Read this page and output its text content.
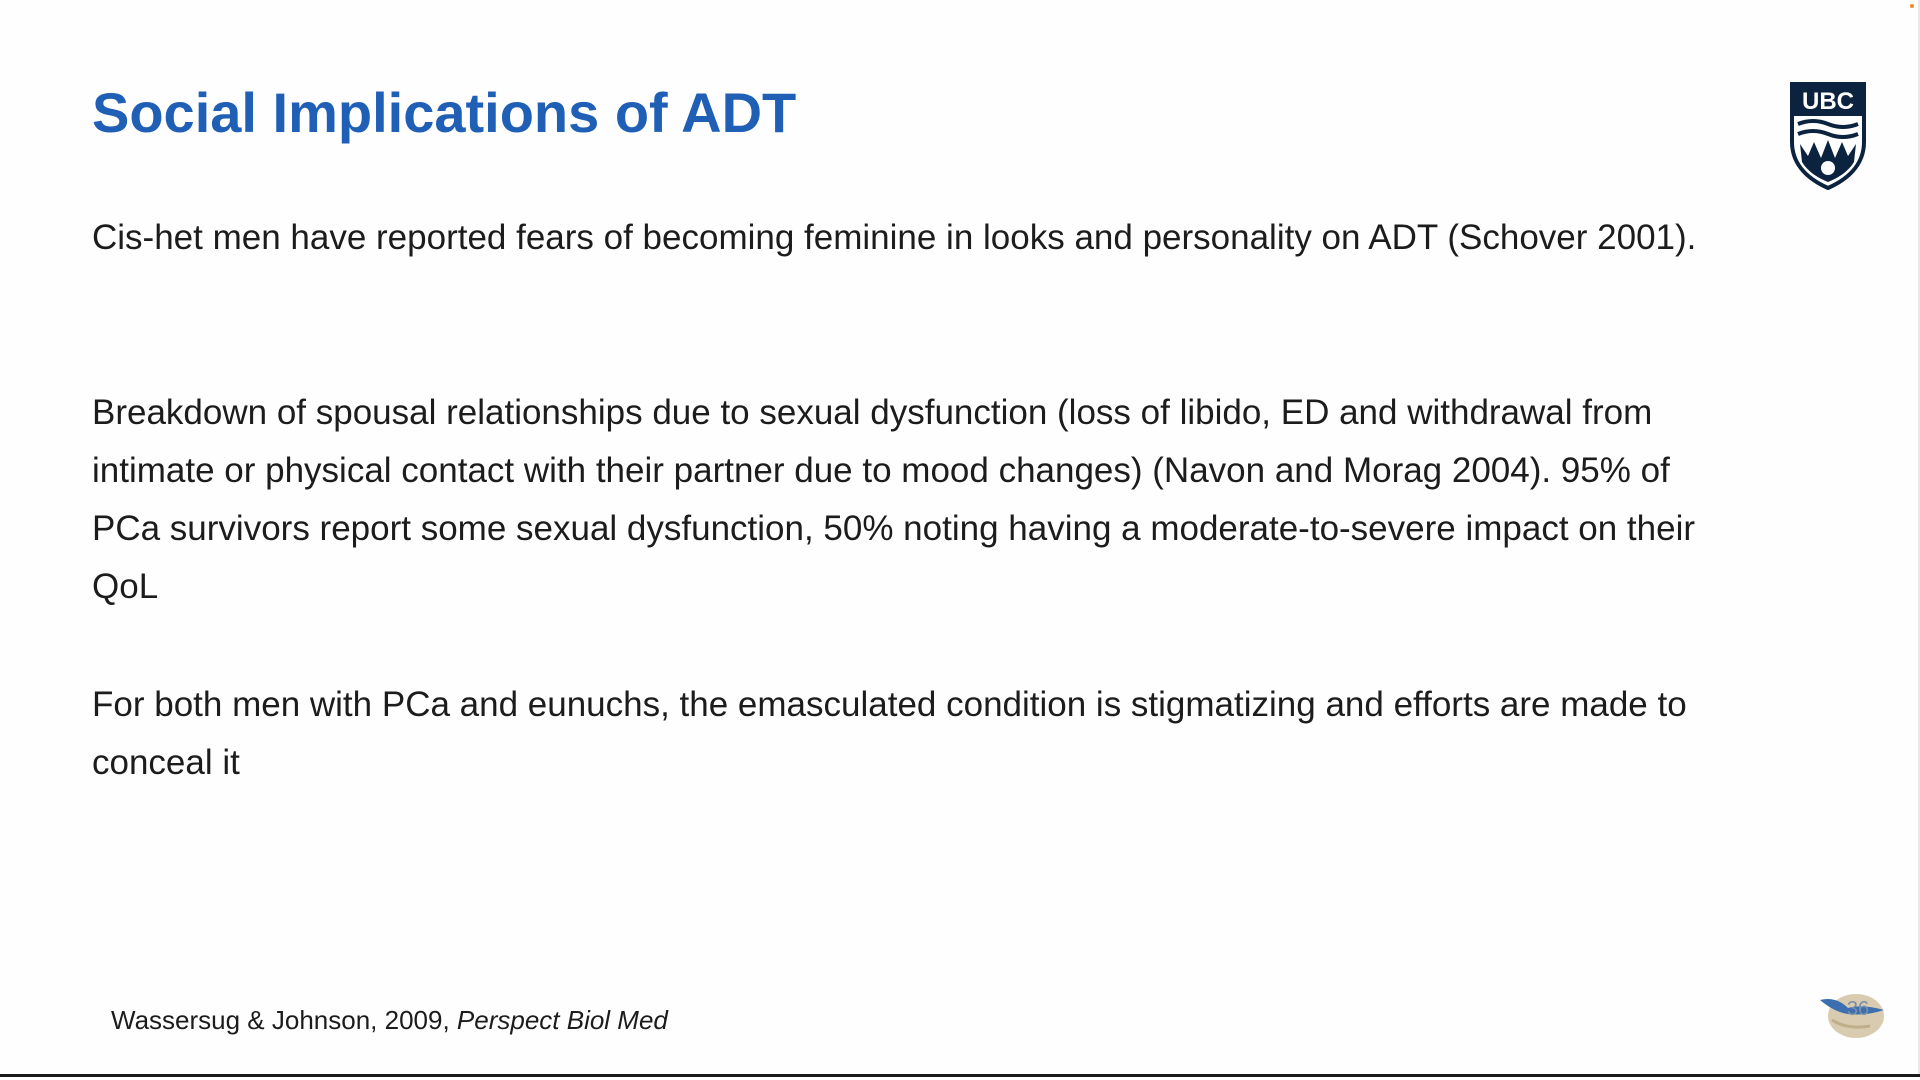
Social Implications of ADT	UBC

Cis-het men have reported fears of becoming feminine in looks and personality on ADT (Schover 2001).

Breakdown of spousal relationships due to sexual dysfunction (loss of libido, ED and withdrawal from intimate or physical contact with their partner due to mood changes) (Navon and Morag 2004). 95% of PCa survivors report some sexual dysfunction, 50% noting having a moderate-to-severe impact on their QoL

For both men with PCa and eunuchs, the emasculated condition is stigmatizing and efforts are made to conceal it

Wassersug & Johnson, 2009, Perspect Biol Med	36
